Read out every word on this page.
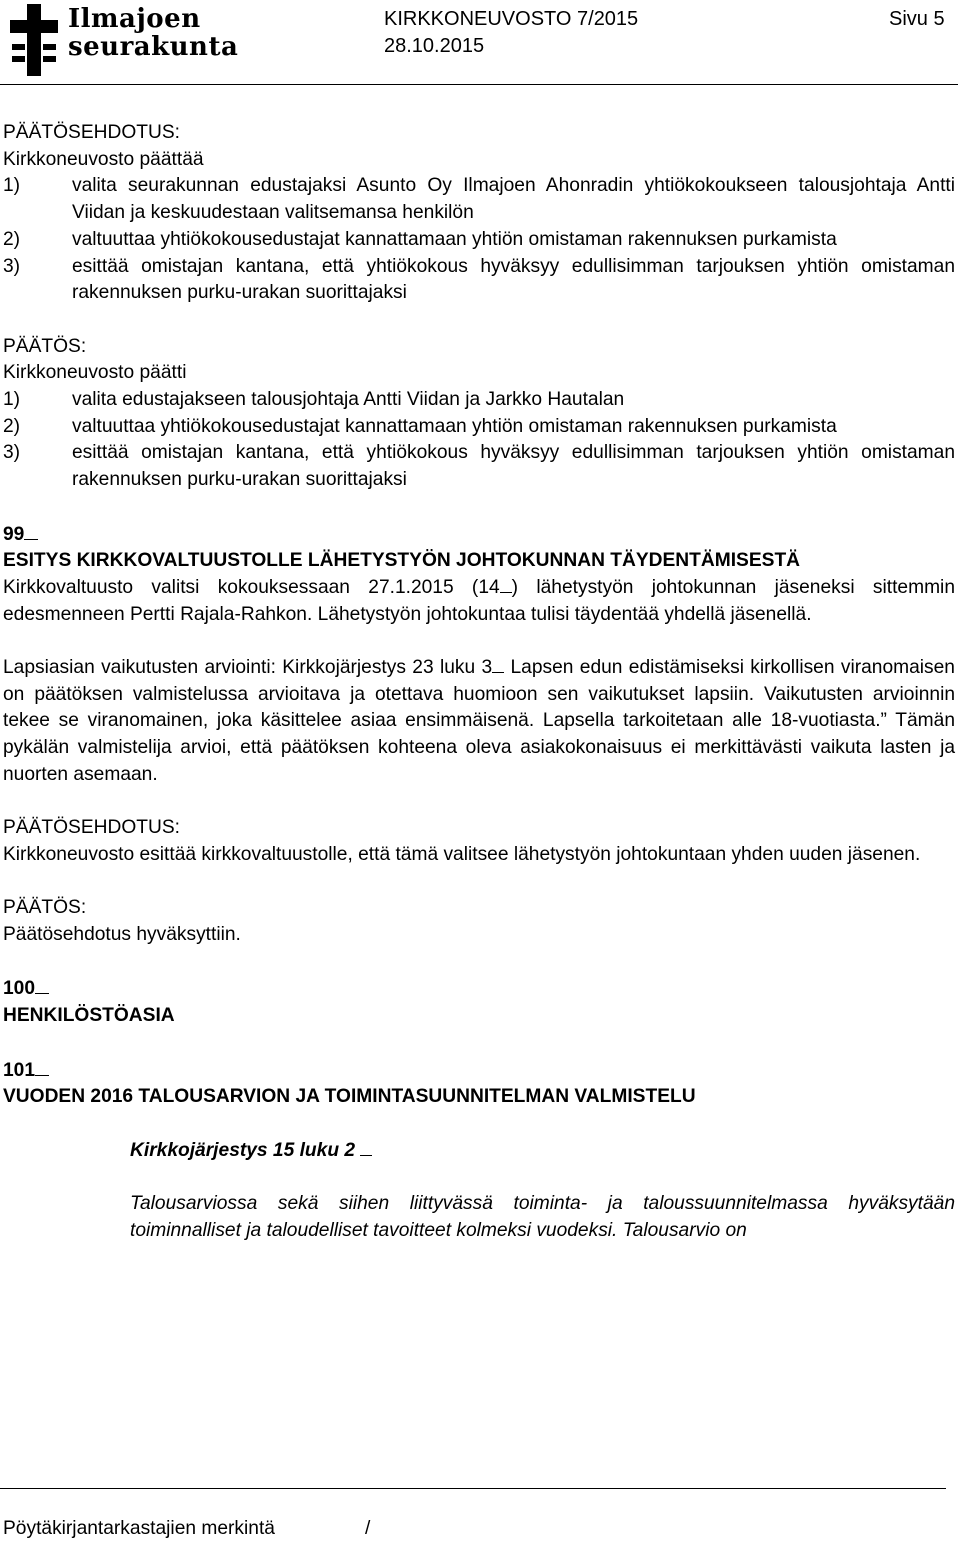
Ilmajoen
seurakunta
KIRKKONEUVOSTO 7/2015
28.10.2015
Sivu 5

PÄÄTÖSEHDOTUS:

Kirkkoneuvosto päättää

1)	valita seurakunnan edustajaksi Asunto Oy Ilmajoen Ahonradin yhtiökokoukseen talousjohtaja Antti Viidan ja keskuudestaan valitsemansa henkilön
2)	valtuuttaa yhtiökokousedustajat kannattamaan yhtiön omistaman rakennuksen purkamista
3)	esittää omistajan kantana, että yhtiökokous hyväksyy edullisimman tarjouksen yhtiön omistaman rakennuksen purku-urakan suorittajaksi

PÄÄTÖS:

Kirkkoneuvosto päätti

1)	valita edustajakseen talousjohtaja Antti Viidan ja Jarkko Hautalan
2)	valtuuttaa yhtiökokousedustajat kannattamaan yhtiön omistaman rakennuksen purkamista
3)	esittää omistajan kantana, että yhtiökokous hyväksyy edullisimman tarjouksen yhtiön omistaman rakennuksen purku-urakan suorittajaksi

99

ESITYS KIRKKOVALTUUSTOLLE LÄHETYSTYÖN JOHTOKUNNAN TÄYDENTÄMISESTÄ

Kirkkovaltuusto valitsi kokouksessaan 27.1.2015 (14 ) lähetystyön johtokunnan jäseneksi sittemmin edesmenneen Pertti Rajala-Rahkon. Lähetystyön johtokuntaa tulisi täydentää yhdellä jäsenellä.

Lapsiasian vaikutusten arviointi: Kirkkojärjestys 23 luku 3 Lapsen edun edistämiseksi kirkollisen viranomaisen on päätöksen valmistelussa arvioitava ja otettava huomioon sen vaikutukset lapsiin. Vaikutusten arvioinnin tekee se viranomainen, joka käsittelee asiaa ensimmäisenä. Lapsella tarkoitetaan alle 18-vuotiasta.” Tämän pykälän valmistelija arvioi, että päätöksen kohteena oleva asiakokonaisuus ei merkittävästi vaikuta lasten ja nuorten asemaan.

PÄÄTÖSEHDOTUS:

Kirkkoneuvosto esittää kirkkovaltuustolle, että tämä valitsee lähetystyön johtokuntaan yhden uuden jäsenen.

PÄÄTÖS:

Päätösehdotus hyväksyttiin.

100

HENKILÖSTÖASIA

101

VUODEN 2016 TALOUSARVION JA TOIMINTASUUNNITELMAN VALMISTELU

Kirkkojärjestys 15 luku 2

Talousarviossa sekä siihen liittyvässä toiminta- ja taloussuunnitelmassa hyväksytään toiminnalliset ja taloudelliset tavoitteet kolmeksi vuodeksi. Talousarvio on

Pöytäkirjantarkastajien merkintä	/
